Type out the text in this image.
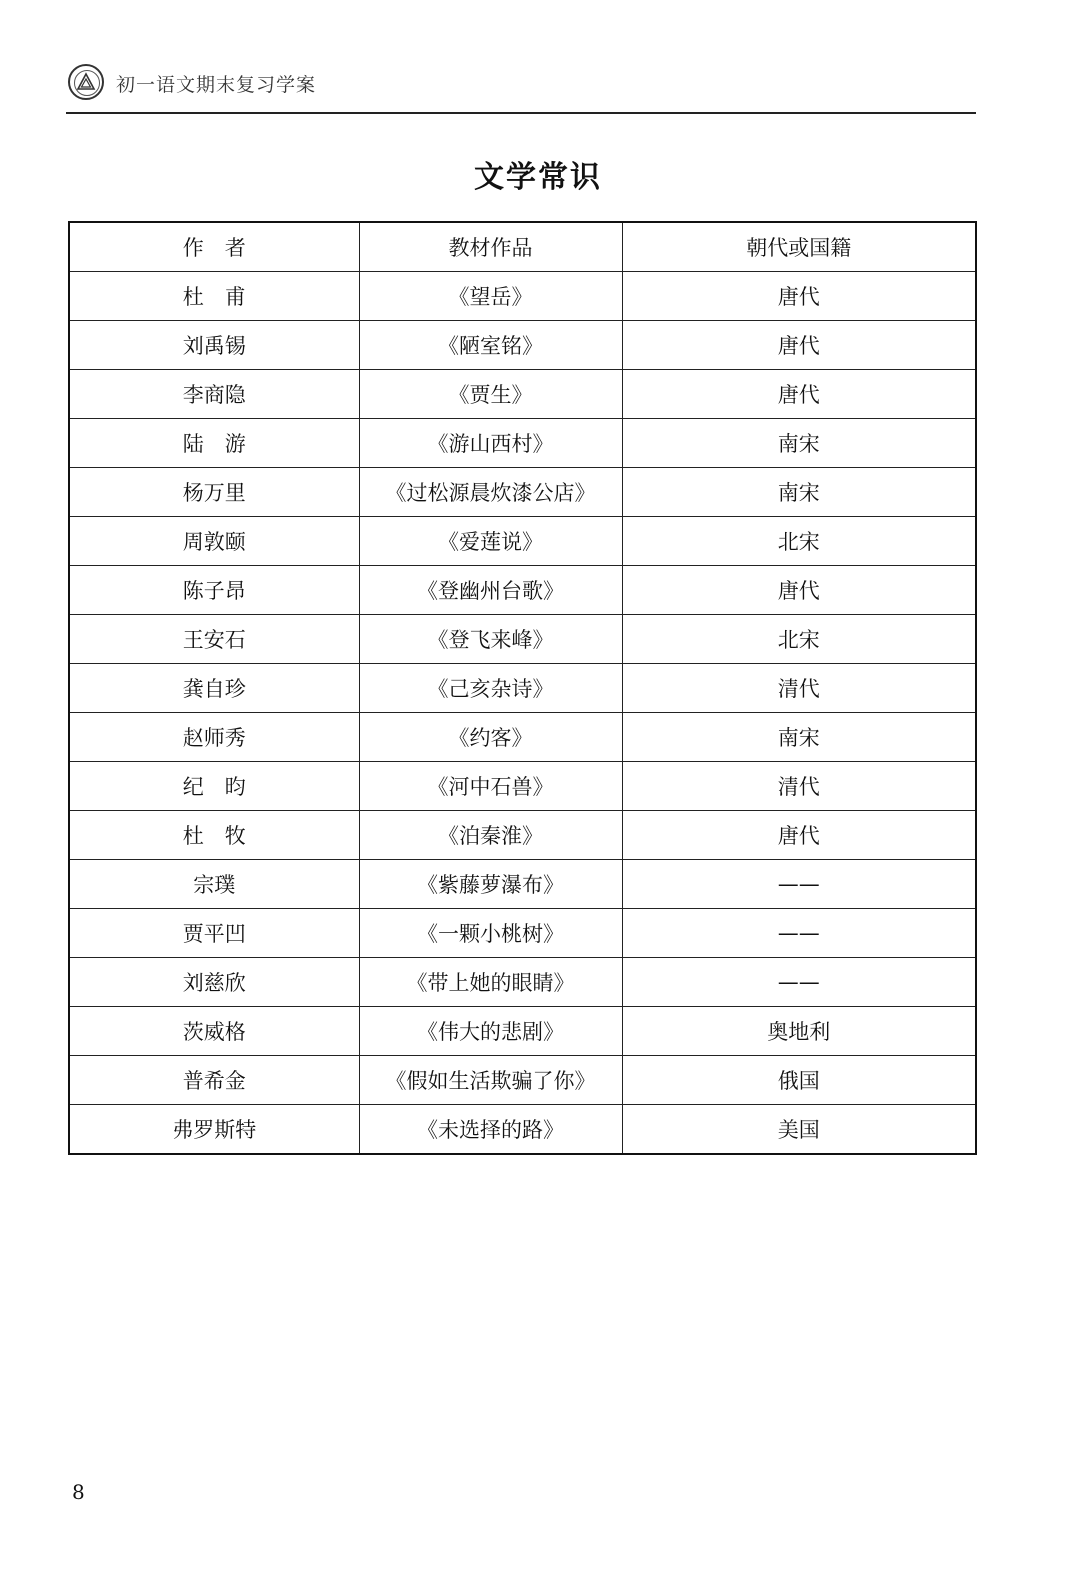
初一语文期末复习学案
文学常识
作　者	教材作品	朝代或国籍
杜　甫	《望岳》	唐代
刘禹锡	《陋室铭》	唐代
李商隐	《贾生》	唐代
陆　游	《游山西村》	南宋
杨万里	《过松源晨炊漆公店》	南宋
周敦颐	《爱莲说》	北宋
陈子昂	《登幽州台歌》	唐代
王安石	《登飞来峰》	北宋
龚自珍	《己亥杂诗》	清代
赵师秀	《约客》	南宋
纪　昀	《河中石兽》	清代
杜　牧	《泊秦淮》	唐代
宗璞	《紫藤萝瀑布》	——
贾平凹	《一颗小桃树》	——
刘慈欣	《带上她的眼睛》	——
茨威格	《伟大的悲剧》	奥地利
普希金	《假如生活欺骗了你》	俄国
弗罗斯特	《未选择的路》	美国
8
